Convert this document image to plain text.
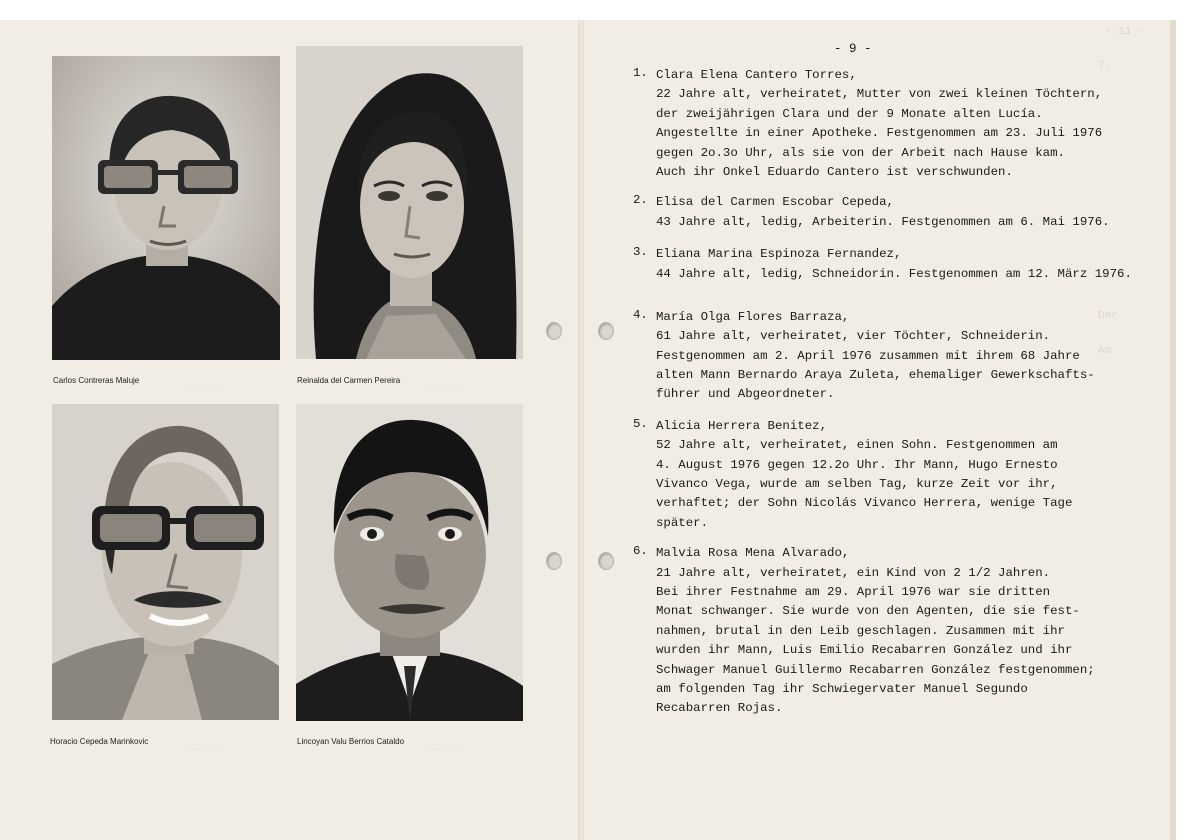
Carlos Contreras Maluje
· · · · · · ·
Reinalda del Carmen Pereira
· · · · · · ·
Horacio Cepeda Marinkovic
· · · · · · ·
Lincoyan Valu Berrios Cataldo
· · · · · · ·
- 11 -
7.
Der
Am
- 9 -
1. Clara Elena Cantero Torres,
22 Jahre alt, verheiratet, Mutter von zwei kleinen Töchtern,
der zweijährigen Clara und der 9 Monate alten Lucía.
Angestellte in einer Apotheke. Festgenommen am 23. Juli 1976
gegen 2o.3o Uhr, als sie von der Arbeit nach Hause kam.
Auch ihr Onkel Eduardo Cantero ist verschwunden.
2. Elisa del Carmen Escobar Cepeda,
43 Jahre alt, ledig, Arbeiterin. Festgenommen am 6. Mai 1976.
3. Eliana Marina Espinoza Fernandez,
44 Jahre alt, ledig, Schneidorin. Festgenommen am 12. März 1976.
4. María Olga Flores Barraza,
61 Jahre alt, verheiratet, vier Töchter, Schneiderin.
Festgenommen am 2. April 1976 zusammen mit ihrem 68 Jahre
alten Mann Bernardo Araya Zuleta, ehemaliger Gewerkschafts-
führer und Abgeordneter.
5. Alicia Herrera Benitez,
52 Jahre alt, verheiratet, einen Sohn. Festgenommen am
4. August 1976 gegen 12.2o Uhr. Ihr Mann, Hugo Ernesto
Vivanco Vega, wurde am selben Tag, kurze Zeit vor ihr,
verhaftet; der Sohn Nicolás Vivanco Herrera, wenige Tage
später.
6. Malvia Rosa Mena Alvarado,
21 Jahre alt, verheiratet, ein Kind von 2 1/2 Jahren.
Bei ihrer Festnahme am 29. April 1976 war sie dritten
Monat schwanger. Sie wurde von den Agenten, die sie fest-
nahmen, brutal in den Leib geschlagen. Zusammen mit ihr
wurden ihr Mann, Luis Emilio Recabarren González und ihr
Schwager Manuel Guillermo Recabarren González festgenommen;
am folgenden Tag ihr Schwiegervater Manuel Segundo
Recabarren Rojas.
